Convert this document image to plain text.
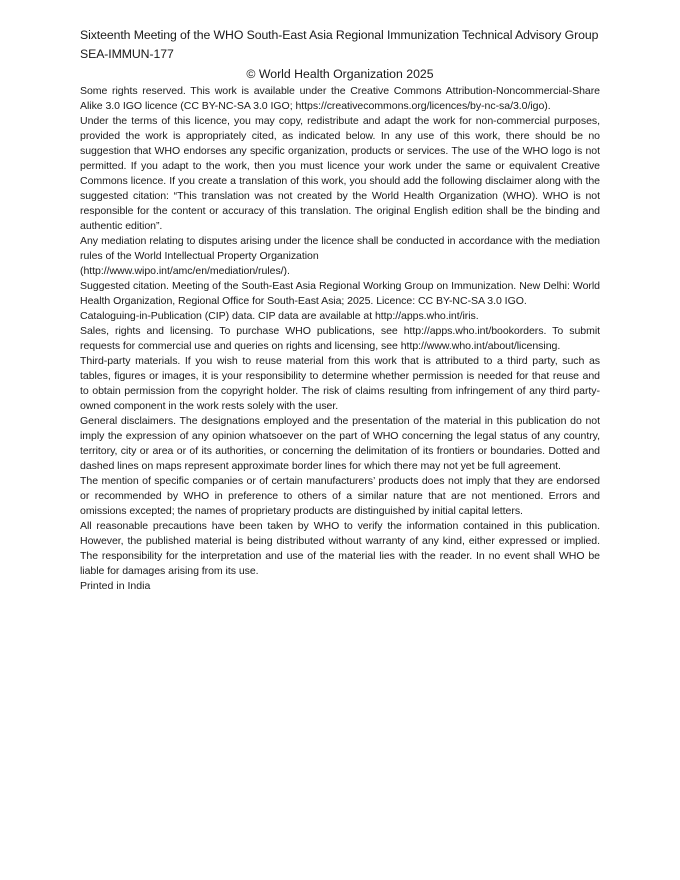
Sixteenth Meeting of the WHO South-East Asia Regional Immunization Technical Advisory Group
SEA-IMMUN-177
© World Health Organization 2025

Some rights reserved. This work is available under the Creative Commons Attribution-Noncommercial-Share Alike 3.0 IGO licence (CC BY-NC-SA 3.0 IGO; https://creativecommons.org/licences/by-nc-sa/3.0/igo).

Under the terms of this licence, you may copy, redistribute and adapt the work for non-commercial purposes, provided the work is appropriately cited, as indicated below. In any use of this work, there should be no suggestion that WHO endorses any specific organization, products or services. The use of the WHO logo is not permitted. If you adapt to the work, then you must licence your work under the same or equivalent Creative Commons licence. If you create a translation of this work, you should add the following disclaimer along with the suggested citation: “This translation was not created by the World Health Organization (WHO). WHO is not responsible for the content or accuracy of this translation. The original English edition shall be the binding and authentic edition”.

Any mediation relating to disputes arising under the licence shall be conducted in accordance with the mediation rules of the World Intellectual Property Organization

(http://www.wipo.int/amc/en/mediation/rules/).

Suggested citation. Meeting of the South-East Asia Regional Working Group on Immunization. New Delhi: World Health Organization, Regional Office for South-East Asia; 2025. Licence: CC BY-NC-SA 3.0 IGO.

Cataloguing-in-Publication (CIP) data. CIP data are available at http://apps.who.int/iris.

Sales, rights and licensing. To purchase WHO publications, see http://apps.who.int/bookorders. To submit requests for commercial use and queries on rights and licensing, see http://www.who.int/about/licensing.

Third-party materials. If you wish to reuse material from this work that is attributed to a third party, such as tables, figures or images, it is your responsibility to determine whether permission is needed for that reuse and to obtain permission from the copyright holder. The risk of claims resulting from infringement of any third party-owned component in the work rests solely with the user.

General disclaimers. The designations employed and the presentation of the material in this publication do not imply the expression of any opinion whatsoever on the part of WHO concerning the legal status of any country, territory, city or area or of its authorities, or concerning the delimitation of its frontiers or boundaries. Dotted and dashed lines on maps represent approximate border lines for which there may not yet be full agreement.

The mention of specific companies or of certain manufacturers’ products does not imply that they are endorsed or recommended by WHO in preference to others of a similar nature that are not mentioned. Errors and omissions excepted; the names of proprietary products are distinguished by initial capital letters.

All reasonable precautions have been taken by WHO to verify the information contained in this publication. However, the published material is being distributed without warranty of any kind, either expressed or implied. The responsibility for the interpretation and use of the material lies with the reader. In no event shall WHO be liable for damages arising from its use.

Printed in India
